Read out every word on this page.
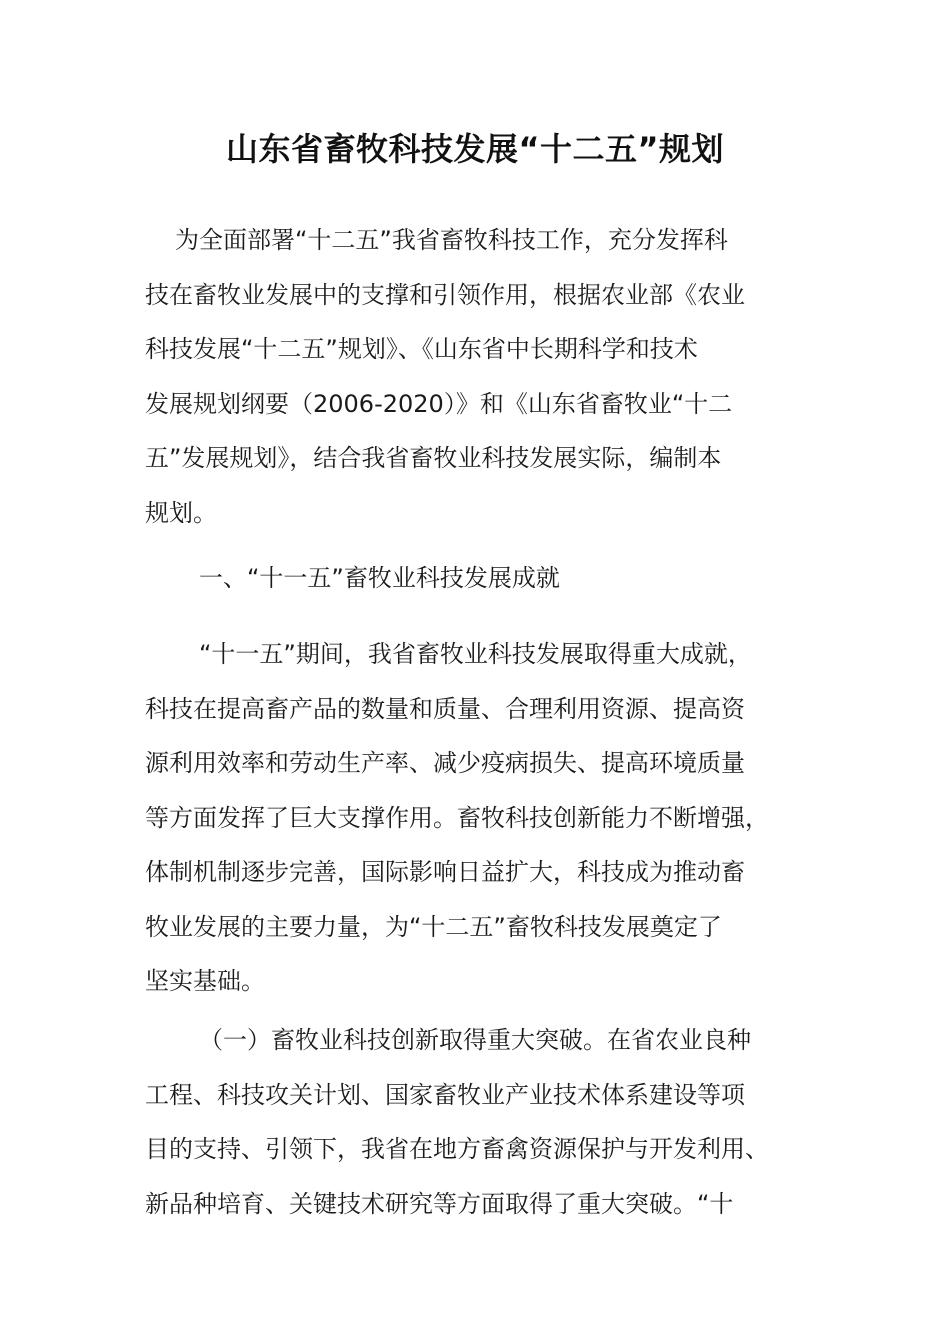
山东省畜牧科技发展“十二五”规划
为全面部署“十二五”我省畜牧科技工作，充分发挥科
技在畜牧业发展中的支撑和引领作用，根据农业部《农业
科技发展“十二五”规划》、《山东省中长期科学和技术
发展规划纲要（2006-2020）》和《山东省畜牧业“十二
五”发展规划》，结合我省畜牧业科技发展实际，编制本
规划。
一、“十一五”畜牧业科技发展成就
“十一五”期间，我省畜牧业科技发展取得重大成就，
科技在提高畜产品的数量和质量、合理利用资源、提高资
源利用效率和劳动生产率、减少疫病损失、提高环境质量
等方面发挥了巨大支撑作用。畜牧科技创新能力不断增强，
体制机制逐步完善，国际影响日益扩大，科技成为推动畜
牧业发展的主要力量，为“十二五”畜牧科技发展奠定了
坚实基础。
（一）畜牧业科技创新取得重大突破。在省农业良种
工程、科技攻关计划、国家畜牧业产业技术体系建设等项
目的支持、引领下，我省在地方畜禽资源保护与开发利用、
新品种培育、关键技术研究等方面取得了重大突破。“十
